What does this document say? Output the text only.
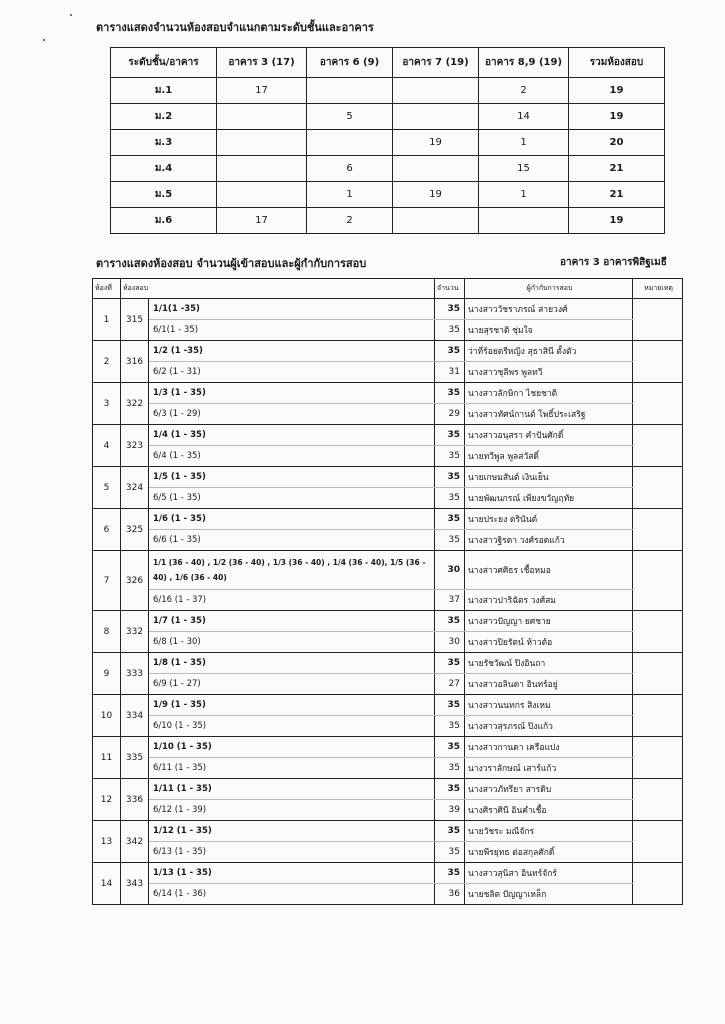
ตารางแสดงจำนวนห้องสอบจำแนกตามระดับชั้นและอาคาร
ระดับชั้น/อาคาร	อาคาร 3 (17)	อาคาร 6 (9)	อาคาร 7 (19)	อาคาร 8,9 (19)	รวมห้องสอบ
ม.1	17			2	19
ม.2		5		14	19
ม.3			19	1	20
ม.4		6		15	21
ม.5		1	19	1	21
ม.6	17	2			19
ตารางแสดงห้องสอบ จำนวนผู้เข้าสอบและผู้กำกับการสอบ	อาคาร 3 อาคารพิสิฐเมธี
ห้องที่	ห้องสอบ		จำนวน	ผู้กำกับการสอบ	หมายเหตุ
1	315	1/1(1 -35)	35	นางสาววัชราภรณ์ สายวงศ์	
		6/1(1 - 35)	35	นายสุรชาติ ชุ่มใจ	
2	316	1/2 (1 -35)	35	ว่าที่ร้อยตรีหญิง สุธาสินี ตั้งตัว	
		6/2 (1 - 31)	31	นางสาวชุลีพร พูลทวี	
3	322	1/3 (1 - 35)	35	นางสาวลักษิกา ไชยชาติ	
		6/3 (1 - 29)	29	นางสาวทัศน์กานต์ โพธิ์ประเสริฐ	
4	323	1/4 (1 - 35)	35	นางสาวอนุสรา คำปันศักดิ์	
		6/4 (1 - 35)	35	นายทวีพูล พูลสวัสดิ์	
5	324	1/5 (1 - 35)	35	นายเกษมสันต์ เงินเย็น	
		6/5 (1 - 35)	35	นายพัฒนกรณ์ เพียงขวัญฤทัย	
6	325	1/6 (1 - 35)	35	นายประยง ตรินันต์	
		6/6 (1 - 35)	35	นางสาวฐิรดา วงศ์รอดแก้ว	
7	326	1/1 (36 - 40) , 1/2 (36 - 40) , 1/3 (36 - 40) , 1/4 (36 - 40), 1/5 (36 - 40) , 1/6 (36 - 40)	30	นางสาวศศิธร เชื้อหมอ	
		6/16 (1 - 37)	37	นางสาวปาริฉัตร วงศ์สม	
8	332	1/7 (1 - 35)	35	นางสาวปัญญา ยศชาย	
		6/8 (1 - 30)	30	นางสาวปิยรัตน์ ห้าวต้อ	
9	333	1/8 (1 - 35)	35	นายรัชวัฒน์ ปิงอินถา	
		6/9 (1 - 27)	27	นางสาวอลินดา อินทร์อยู่	
10	334	1/9 (1 - 35)	35	นางสาวนนทกร สิงเหม	
		6/10 (1 - 35)	35	นางสาวสุรภรณ์ ปิงแก้ว	
11	335	1/10 (1 - 35)	35	นางสาวกานดา เครือแปง	
		6/11 (1 - 35)	35	นางวราลักษณ์ เสาร์แก้ว	
12	336	1/11 (1 - 35)	35	นางสาวภัทรียา สารดิบ	
		6/12 (1 - 39)	39	นางศิราศินี อินคำเชื้อ	
13	342	1/12 (1 - 35)	35	นายวัชระ มณีจักร	
		6/13 (1 - 35)	35	นายพีรยุทธ ต่อสกุลศักดิ์	
14	343	1/13 (1 - 35)	35	นางสาวสุนิสา อินทร์จักร์	
		6/14 (1 - 36)	36	นายชลิต ปัญญาเหล็ก	
